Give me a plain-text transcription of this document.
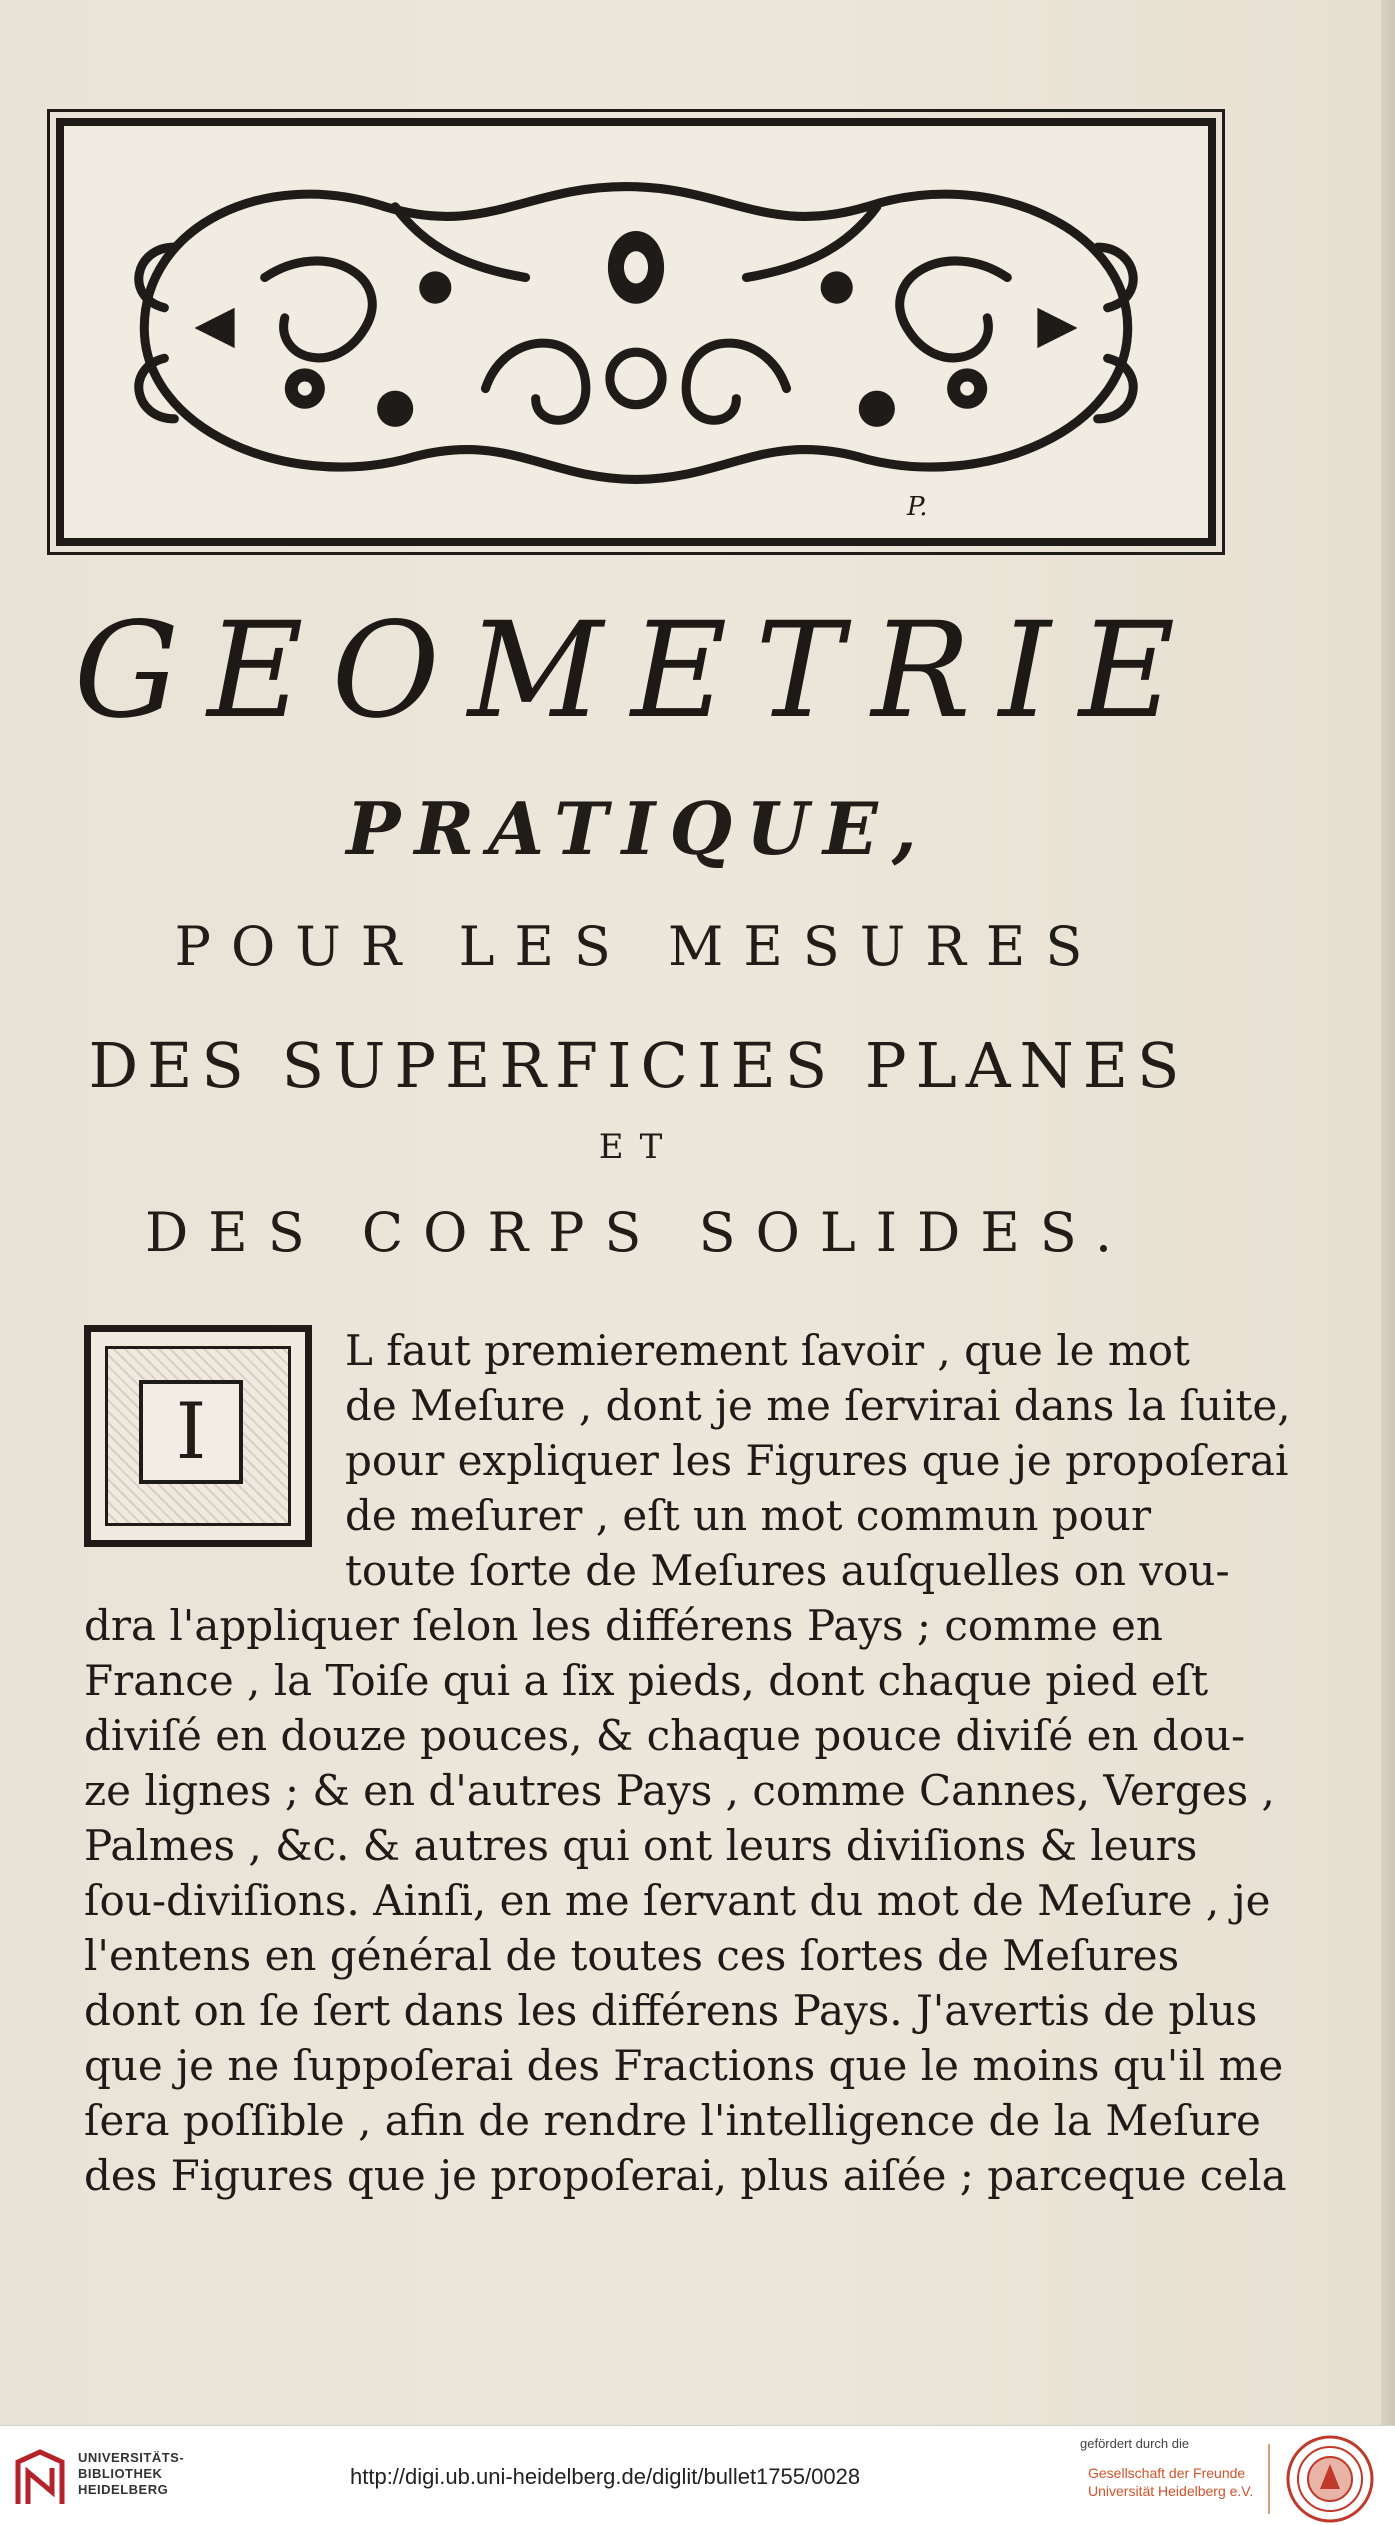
P.
GEOMETRIE
PRATIQUE,

POUR LES MESURES

DES SUPERFICIES PLANES

ET

DES CORPS SOLIDES.

I

L faut premierement ſavoir , que le mot

de Meſure , dont je me ſervirai dans la ſuite,

pour expliquer les Figures que je propoſerai

de meſurer , eſt un mot commun pour

toute ſorte de Meſures auſquelles on vou-

dra l'appliquer ſelon les différens Pays ; comme en

France , la Toiſe qui a ſix pieds, dont chaque pied eſt

diviſé en douze pouces, & chaque pouce diviſé en dou-

ze lignes ; & en d'autres Pays , comme Cannes, Verges ,

Palmes , &c. & autres qui ont leurs diviſions & leurs

ſou-diviſions. Ainſi, en me ſervant du mot de Meſure , je

l'entens en général de toutes ces ſortes de Meſures

dont on ſe ſert dans les différens Pays. J'avertis de plus

que je ne ſuppoſerai des Fractions que le moins qu'il me

ſera poſſible , afin de rendre l'intelligence de la Meſure

des Figures que je propoſerai, plus aiſée ; parceque cela

UNIVERSITÄTS-
BIBLIOTHEK
HEIDELBERG
http://digi.ub.uni-heidelberg.de/diglit/bullet1755/0028
gefördert durch die
Gesellschaft der Freunde
Universität Heidelberg e.V.
